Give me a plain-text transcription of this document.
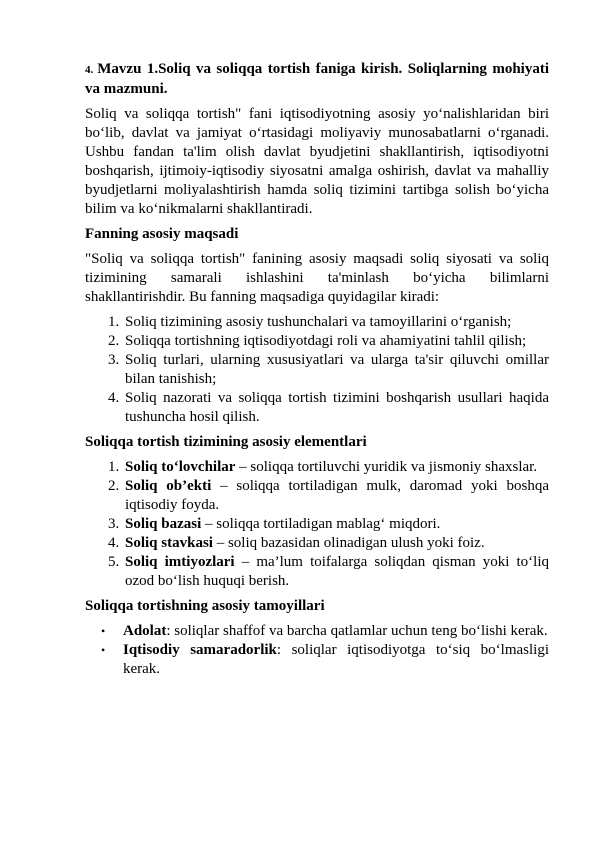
4. Mavzu 1.Soliq va soliqqa tortish faniga kirish. Soliqlarning mohiyati va mazmuni.

Soliq va soliqqa tortish" fani iqtisodiyotning asosiy yo‘nalishlaridan biri bo‘lib, davlat va jamiyat o‘rtasidagi moliyaviy munosabatlarni o‘rganadi. Ushbu fandan ta'lim olish davlat byudjetini shakllantirish, iqtisodiyotni boshqarish, ijtimoiy-iqtisodiy siyosatni amalga oshirish, davlat va mahalliy byudjetlarni moliyalashtirish hamda soliq tizimini tartibga solish bo‘yicha bilim va ko‘nikmalarni shakllantiradi.

Fanning asosiy maqsadi

"Soliq va soliqqa tortish" fanining asosiy maqsadi soliq siyosati va soliq tizimining samarali ishlashini ta'minlash bo‘yicha bilimlarni shakllantirishdir. Bu fanning maqsadiga quyidagilar kiradi:

1. Soliq tizimining asosiy tushunchalari va tamoyillarini o‘rganish;
2. Soliqqa tortishning iqtisodiyotdagi roli va ahamiyatini tahlil qilish;
3. Soliq turlari, ularning xususiyatlari va ularga ta'sir qiluvchi omillar bilan tanishish;
4. Soliq nazorati va soliqqa tortish tizimini boshqarish usullari haqida tushuncha hosil qilish.
Soliqqa tortish tizimining asosiy elementlari
1. Soliq to‘lovchilar – soliqqa tortiluvchi yuridik va jismoniy shaxslar.
2. Soliq ob’ekti – soliqqa tortiladigan mulk, daromad yoki boshqa iqtisodiy foyda.
3. Soliq bazasi – soliqqa tortiladigan mablag‘ miqdori.
4. Soliq stavkasi – soliq bazasidan olinadigan ulush yoki foiz.
5. Soliq imtiyozlari – ma’lum toifalarga soliqdan qisman yoki to‘liq ozod bo‘lish huquqi berish.
Soliqqa tortishning asosiy tamoyillari
• Adolat: soliqlar shaffof va barcha qatlamlar uchun teng bo‘lishi kerak.
• Iqtisodiy samaradorlik: soliqlar iqtisodiyotga to‘siq bo‘lmasligi kerak.
